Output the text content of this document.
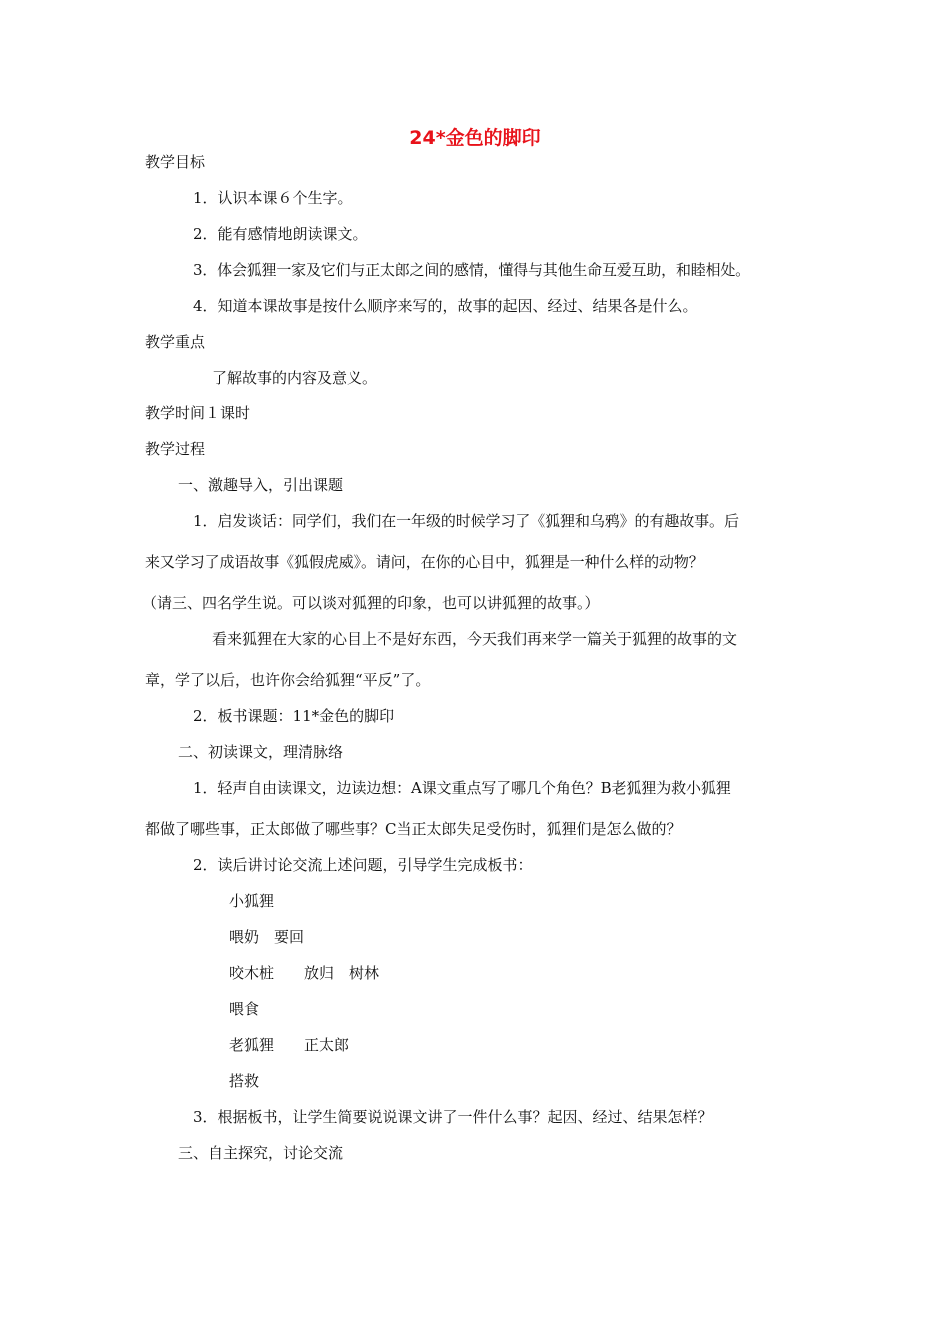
24*金色的脚印
教学目标
1．认识本课６个生字。
2．能有感情地朗读课文。
3．体会狐狸一家及它们与正太郎之间的感情，懂得与其他生命互爱互助，和睦相处。
4．知道本课故事是按什么顺序来写的，故事的起因、经过、结果各是什么。
教学重点
了解故事的内容及意义。
教学时间１课时
教学过程
一、激趣导入，引出课题
1．启发谈话：同学们，我们在一年级的时候学习了《狐狸和乌鸦》的有趣故事。后
来又学习了成语故事《狐假虎威》。请问，在你的心目中，狐狸是一种什么样的动物？
（请三、四名学生说。可以谈对狐狸的印象，也可以讲狐狸的故事。）
看来狐狸在大家的心目上不是好东西，今天我们再来学一篇关于狐狸的故事的文
章，学了以后，也许你会给狐狸“平反”了。
2．板书课题：11*金色的脚印
二、初读课文，理清脉络
1．轻声自由读课文，边读边想：A课文重点写了哪几个角色？B老狐狸为救小狐狸
都做了哪些事，正太郎做了哪些事？C当正太郎失足受伤时，狐狸们是怎么做的？
2．读后讲讨论交流上述问题，引导学生完成板书：
小狐狸
喂奶　要回
咬木桩　　放归　树林
喂食
老狐狸　　正太郎
搭救
3．根据板书，让学生简要说说课文讲了一件什么事？起因、经过、结果怎样？
三、自主探究，讨论交流
